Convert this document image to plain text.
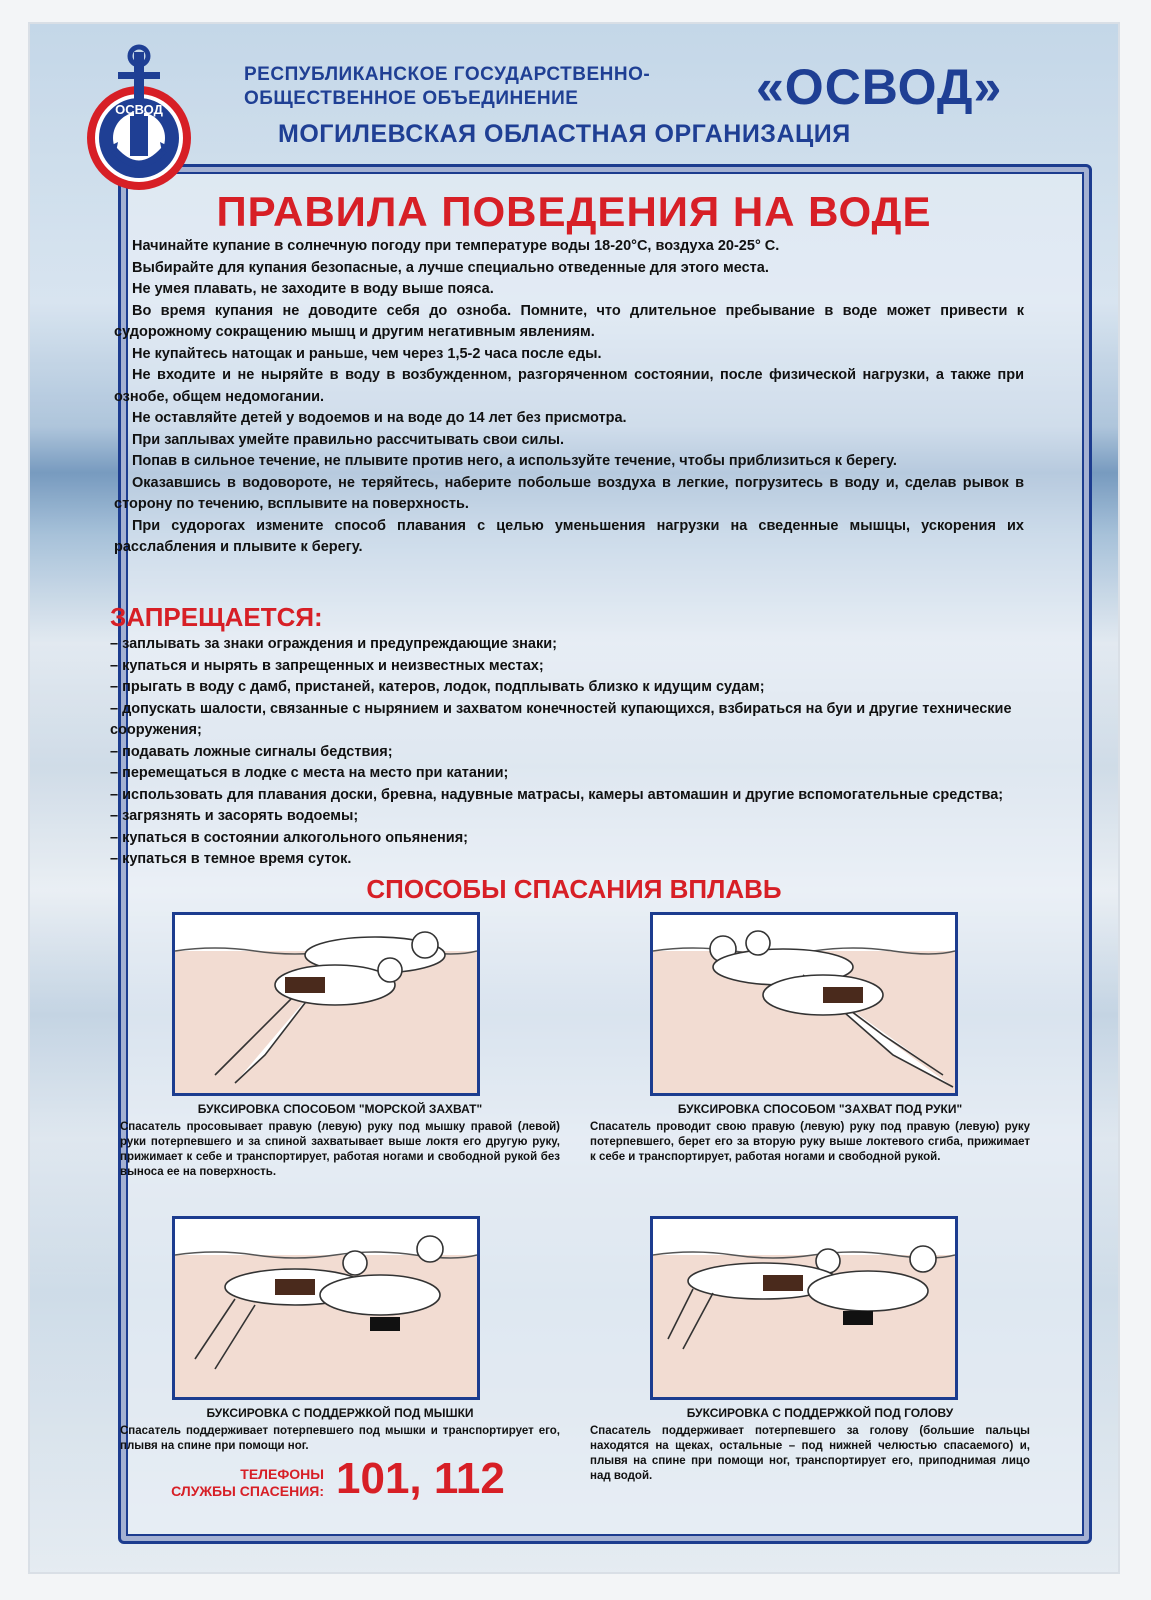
ОСВОД
РЕСПУБЛИКАНСКОЕ ГОСУДАРСТВЕННО-
ОБЩЕСТВЕННОЕ ОБЪЕДИНЕНИЕ	«ОСВОД»
МОГИЛЕВСКАЯ ОБЛАСТНАЯ ОРГАНИЗАЦИЯ
ПРАВИЛА ПОВЕДЕНИЯ НА ВОДЕ

Начинайте купание в солнечную погоду при температуре воды 18-20°С, воздуха 20-25° С.

Выбирайте для купания безопасные, а лучше специально отведенные для этого места.

Не умея плавать, не заходите в воду выше пояса.

Во время купания не доводите себя до озноба. Помните, что длительное пребывание в воде может привести к судорожному сокращению мышц и другим негативным явлениям.

Не купайтесь натощак и раньше, чем через 1,5-2 часа после еды.

Не входите и не ныряйте в воду в возбужденном, разгоряченном состоянии, после физической нагрузки, а также при ознобе, общем недомогании.

Не оставляйте детей у водоемов и на воде до 14 лет без присмотра.

При заплывах умейте правильно рассчитывать свои силы.

Попав в сильное течение, не плывите против него, а используйте течение, чтобы приблизиться к берегу.

Оказавшись в водовороте, не теряйтесь, наберите побольше воздуха в легкие, погрузитесь в воду и, сделав рывок в сторону по течению, всплывите на поверхность.

При судорогах измените способ плавания с целью уменьшения нагрузки на сведенные мышцы, ускорения их расслабления и плывите к берегу.

ЗАПРЕЩАЕТСЯ:
– заплывать за знаки ограждения и предупреждающие знаки;
– купаться и нырять в запрещенных и неизвестных местах;
– прыгать в воду с дамб, пристаней, катеров, лодок, подплывать близко к идущим судам;
– допускать шалости, связанные с нырянием и захватом конечностей купающихся, взбираться на буи и другие технические сооружения;
– подавать ложные сигналы бедствия;
– перемещаться в лодке с места на место при катании;
– использовать для плавания доски, бревна, надувные матрасы, камеры автомашин и другие вспомогательные средства;
– загрязнять и засорять водоемы;
– купаться в состоянии алкогольного опьянения;
– купаться в темное время суток.
СПОСОБЫ СПАСАНИЯ ВПЛАВЬ
БУКСИРОВКА СПОСОБОМ "МОРСКОЙ ЗАХВАТ"
Спасатель просовывает правую (левую) руку под мышку правой (левой) руки потерпевшего и за спиной захватывает выше локтя его другую руку, прижимает к себе и транспортирует, работая ногами и свободной рукой без выноса ее на поверхность.
БУКСИРОВКА СПОСОБОМ "ЗАХВАТ ПОД РУКИ"
Спасатель проводит свою правую (левую) руку под правую (левую) руку потерпевшего, берет его за вторую руку выше локтевого сгиба, прижимает к себе и транспортирует, работая ногами и свободной рукой.
БУКСИРОВКА С ПОДДЕРЖКОЙ ПОД МЫШКИ
Спасатель поддерживает потерпевшего под мышки и транспортирует его, плывя на спине при помощи ног.
БУКСИРОВКА С ПОДДЕРЖКОЙ ПОД ГОЛОВУ
Спасатель поддерживает потерпевшего за голову (большие пальцы находятся на щеках, остальные – под нижней челюстью спасаемого) и, плывя на спине при помощи ног, транспортирует его, приподнимая лицо над водой.
ТЕЛЕФОНЫ
СЛУЖБЫ СПАСЕНИЯ: 101, 112
